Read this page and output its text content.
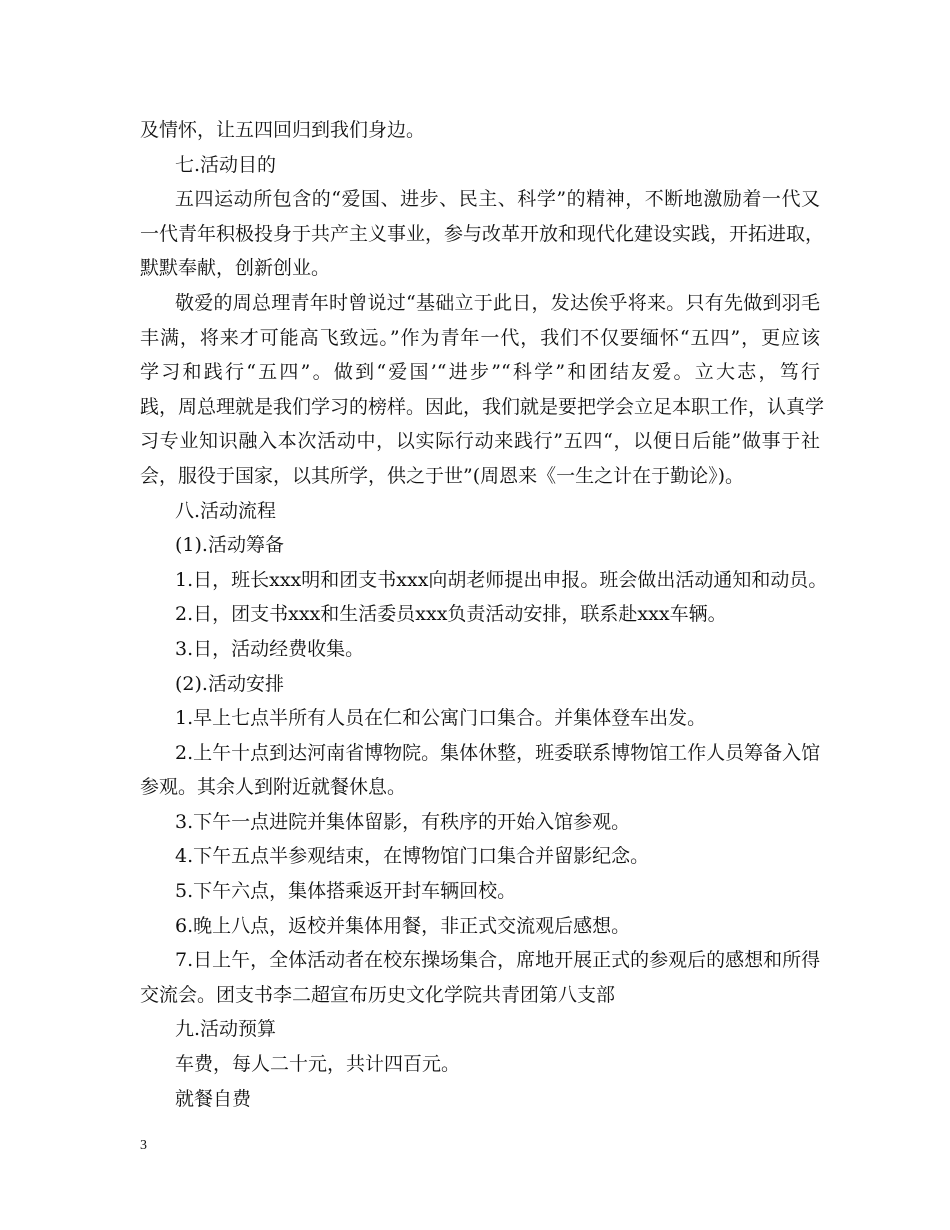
及情怀，让五四回归到我们身边。
七.活动目的
五四运动所包含的“爱国、进步、民主、科学”的精神，不断地激励着一代又
一代青年积极投身于共产主义事业，参与改革开放和现代化建设实践，开拓进取，
默默奉献，创新创业。
敬爱的周总理青年时曾说过“基础立于此日，发达俟乎将来。只有先做到羽毛
丰满，将来才可能高飞致远。”作为青年一代，我们不仅要缅怀“五四”，更应该
学习和践行“五四”。做到“爱国’“进步”“科学”和团结友爱。立大志，笃行
践，周总理就是我们学习的榜样。因此，我们就是要把学会立足本职工作，认真学
习专业知识融入本次活动中，以实际行动来践行”五四“，以便日后能”做事于社
会，服役于国家，以其所学，供之于世”(周恩来《一生之计在于勤论》)。
八.活动流程
(1).活动筹备
1.日，班长xxx明和团支书xxx向胡老师提出申报。班会做出活动通知和动员。
2.日，团支书xxx和生活委员xxx负责活动安排，联系赴xxx车辆。
3.日，活动经费收集。
(2).活动安排
1.早上七点半所有人员在仁和公寓门口集合。并集体登车出发。
2.上午十点到达河南省博物院。集体休整，班委联系博物馆工作人员筹备入馆
参观。其余人到附近就餐休息。
3.下午一点进院并集体留影，有秩序的开始入馆参观。
4.下午五点半参观结束，在博物馆门口集合并留影纪念。
5.下午六点，集体搭乘返开封车辆回校。
6.晚上八点，返校并集体用餐，非正式交流观后感想。
7.日上午，全体活动者在校东操场集合，席地开展正式的参观后的感想和所得
交流会。团支书李二超宣布历史文化学院共青团第八支部
九.活动预算
车费，每人二十元，共计四百元。
就餐自费
3
